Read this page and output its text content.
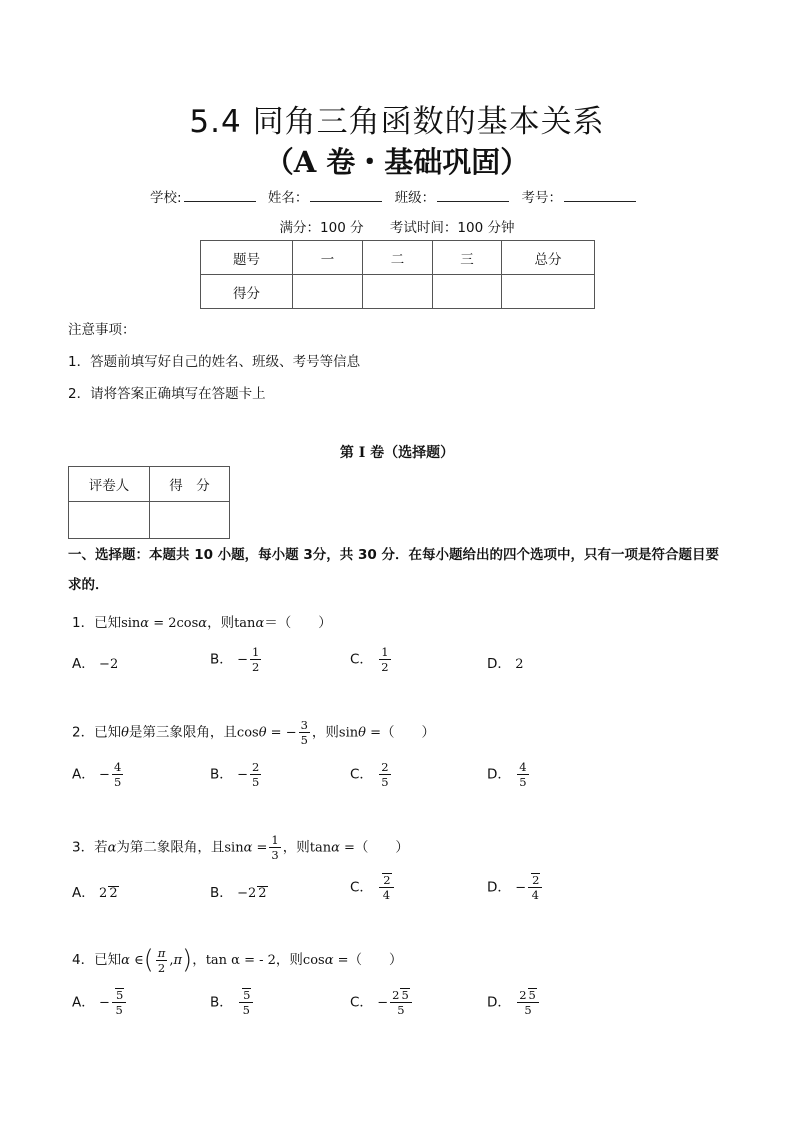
5.4 同角三角函数的基本关系
（A 卷・基础巩固）
学校:	姓名：	班级：	考号：
满分：100 分 考试时间：100 分钟
题号	一	二	三	总分
得分				
注意事项：
1．答题前填写好自己的姓名、班级、考号等信息
2．请将答案正确填写在答题卡上
第 I 卷（选择题）
评卷人	得　分

一、选择题：本题共 10 小题，每小题 3分，共 30 分．在每小题给出的四个选项中，只有一项是符合题目要求的．
1．已知sinα = 2cosα，则tanα＝（　　）
A． −2	B． − $\frac{1}{2}$	C． $\frac{1}{2}$	D． 2
2．已知θ是第三象限角，且cosθ = − $\frac{3}{5}$ ，则sinθ =（　　）
A． − $\frac{4}{5}$	B． − $\frac{2}{5}$	C． $\frac{2}{5}$	D． $\frac{4}{5}$
3．若α为第二象限角，且$\sin\alpha = \frac{1}{3}$ ，则tanα =（　　）
A． 2 2	B． −2 2	C． $\frac{2}{4}$	D． − $\frac{2}{4}$
4．已知α ∈( $\frac{\pi}{2} ,\pi$)，tan α = - 2，则cosα =（　　）
A． − $\frac{5}{5}$	B． $\frac{5}{5}$	C． − $\frac{2 5}{5}$	D． $\frac{2 5}{5}$
